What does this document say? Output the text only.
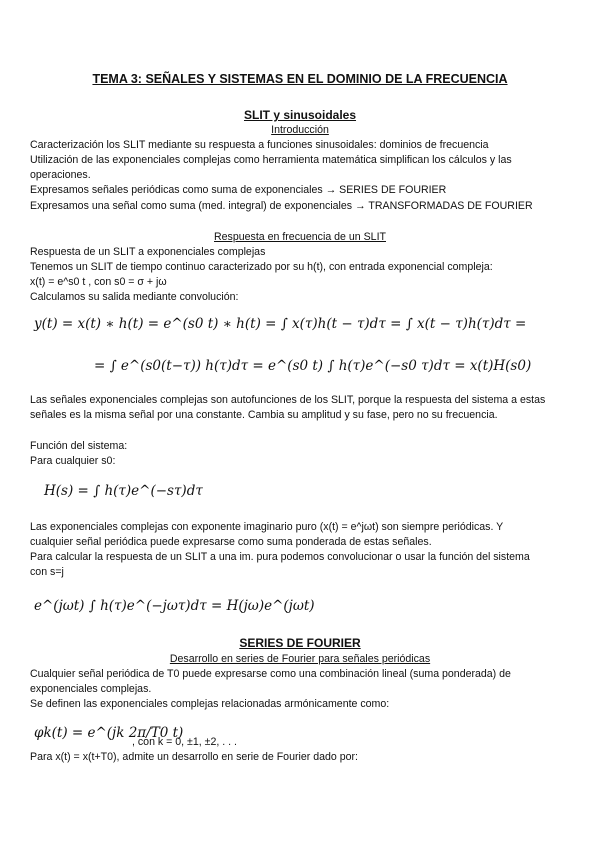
TEMA 3: SEÑALES Y SISTEMAS EN EL DOMINIO DE LA FRECUENCIA
SLIT y sinusoidales
Introducción
Caracterización los SLIT mediante su respuesta a funciones sinusoidales: dominios de frecuencia
Utilización de las exponenciales complejas como herramienta matemática simplifican los cálculos y las
operaciones.
Expresamos señales periódicas como suma de exponenciales → SERIES DE FOURIER
Expresamos una señal como suma (med. integral) de exponenciales → TRANSFORMADAS DE FOURIER
Respuesta en frecuencia de un SLIT
Respuesta de un SLIT a exponenciales complejas
Tenemos un SLIT de tiempo continuo caracterizado por su h(t), con entrada exponencial compleja:
x(t) = e^s0 t , con s0 = σ + jω
Calculamos su salida mediante convolución:
y(t) = x(t) ∗ h(t) = e^(s0 t) ∗ h(t) = ∫ x(τ)h(t − τ)dτ = ∫ x(t − τ)h(τ)dτ =
= ∫ e^(s0(t−τ)) h(τ)dτ = e^(s0 t) ∫ h(τ)e^(−s0 τ)dτ = x(t)H(s0)
Las señales exponenciales complejas son autofunciones de los SLIT, porque la respuesta del sistema a estas
señales es la misma señal por una constante. Cambia su amplitud y su fase, pero no su frecuencia.
Función del sistema:
Para cualquier s0:
H(s) = ∫ h(τ)e^(−sτ)dτ
Las exponenciales complejas con exponente imaginario puro (x(t) = e^jωt) son siempre periódicas. Y
cualquier señal periódica puede expresarse como suma ponderada de estas señales.
Para calcular la respuesta de un SLIT a una im. pura podemos convolucionar o usar la función del sistema
con s=j
e^(jωt) ∫ h(τ)e^(−jωτ)dτ = H(jω)e^(jωt)
SERIES DE FOURIER
Desarrollo en series de Fourier para señales periódicas
Cualquier señal periódica de T0 puede expresarse como una combinación lineal (suma ponderada) de
exponenciales complejas.
Se definen las exponenciales complejas relacionadas armónicamente como:
φk(t) = e^(jk 2π/T0 t)
, con k = 0, ±1, ±2, . . .
Para x(t) = x(t+T0), admite un desarrollo en serie de Fourier dado por:
